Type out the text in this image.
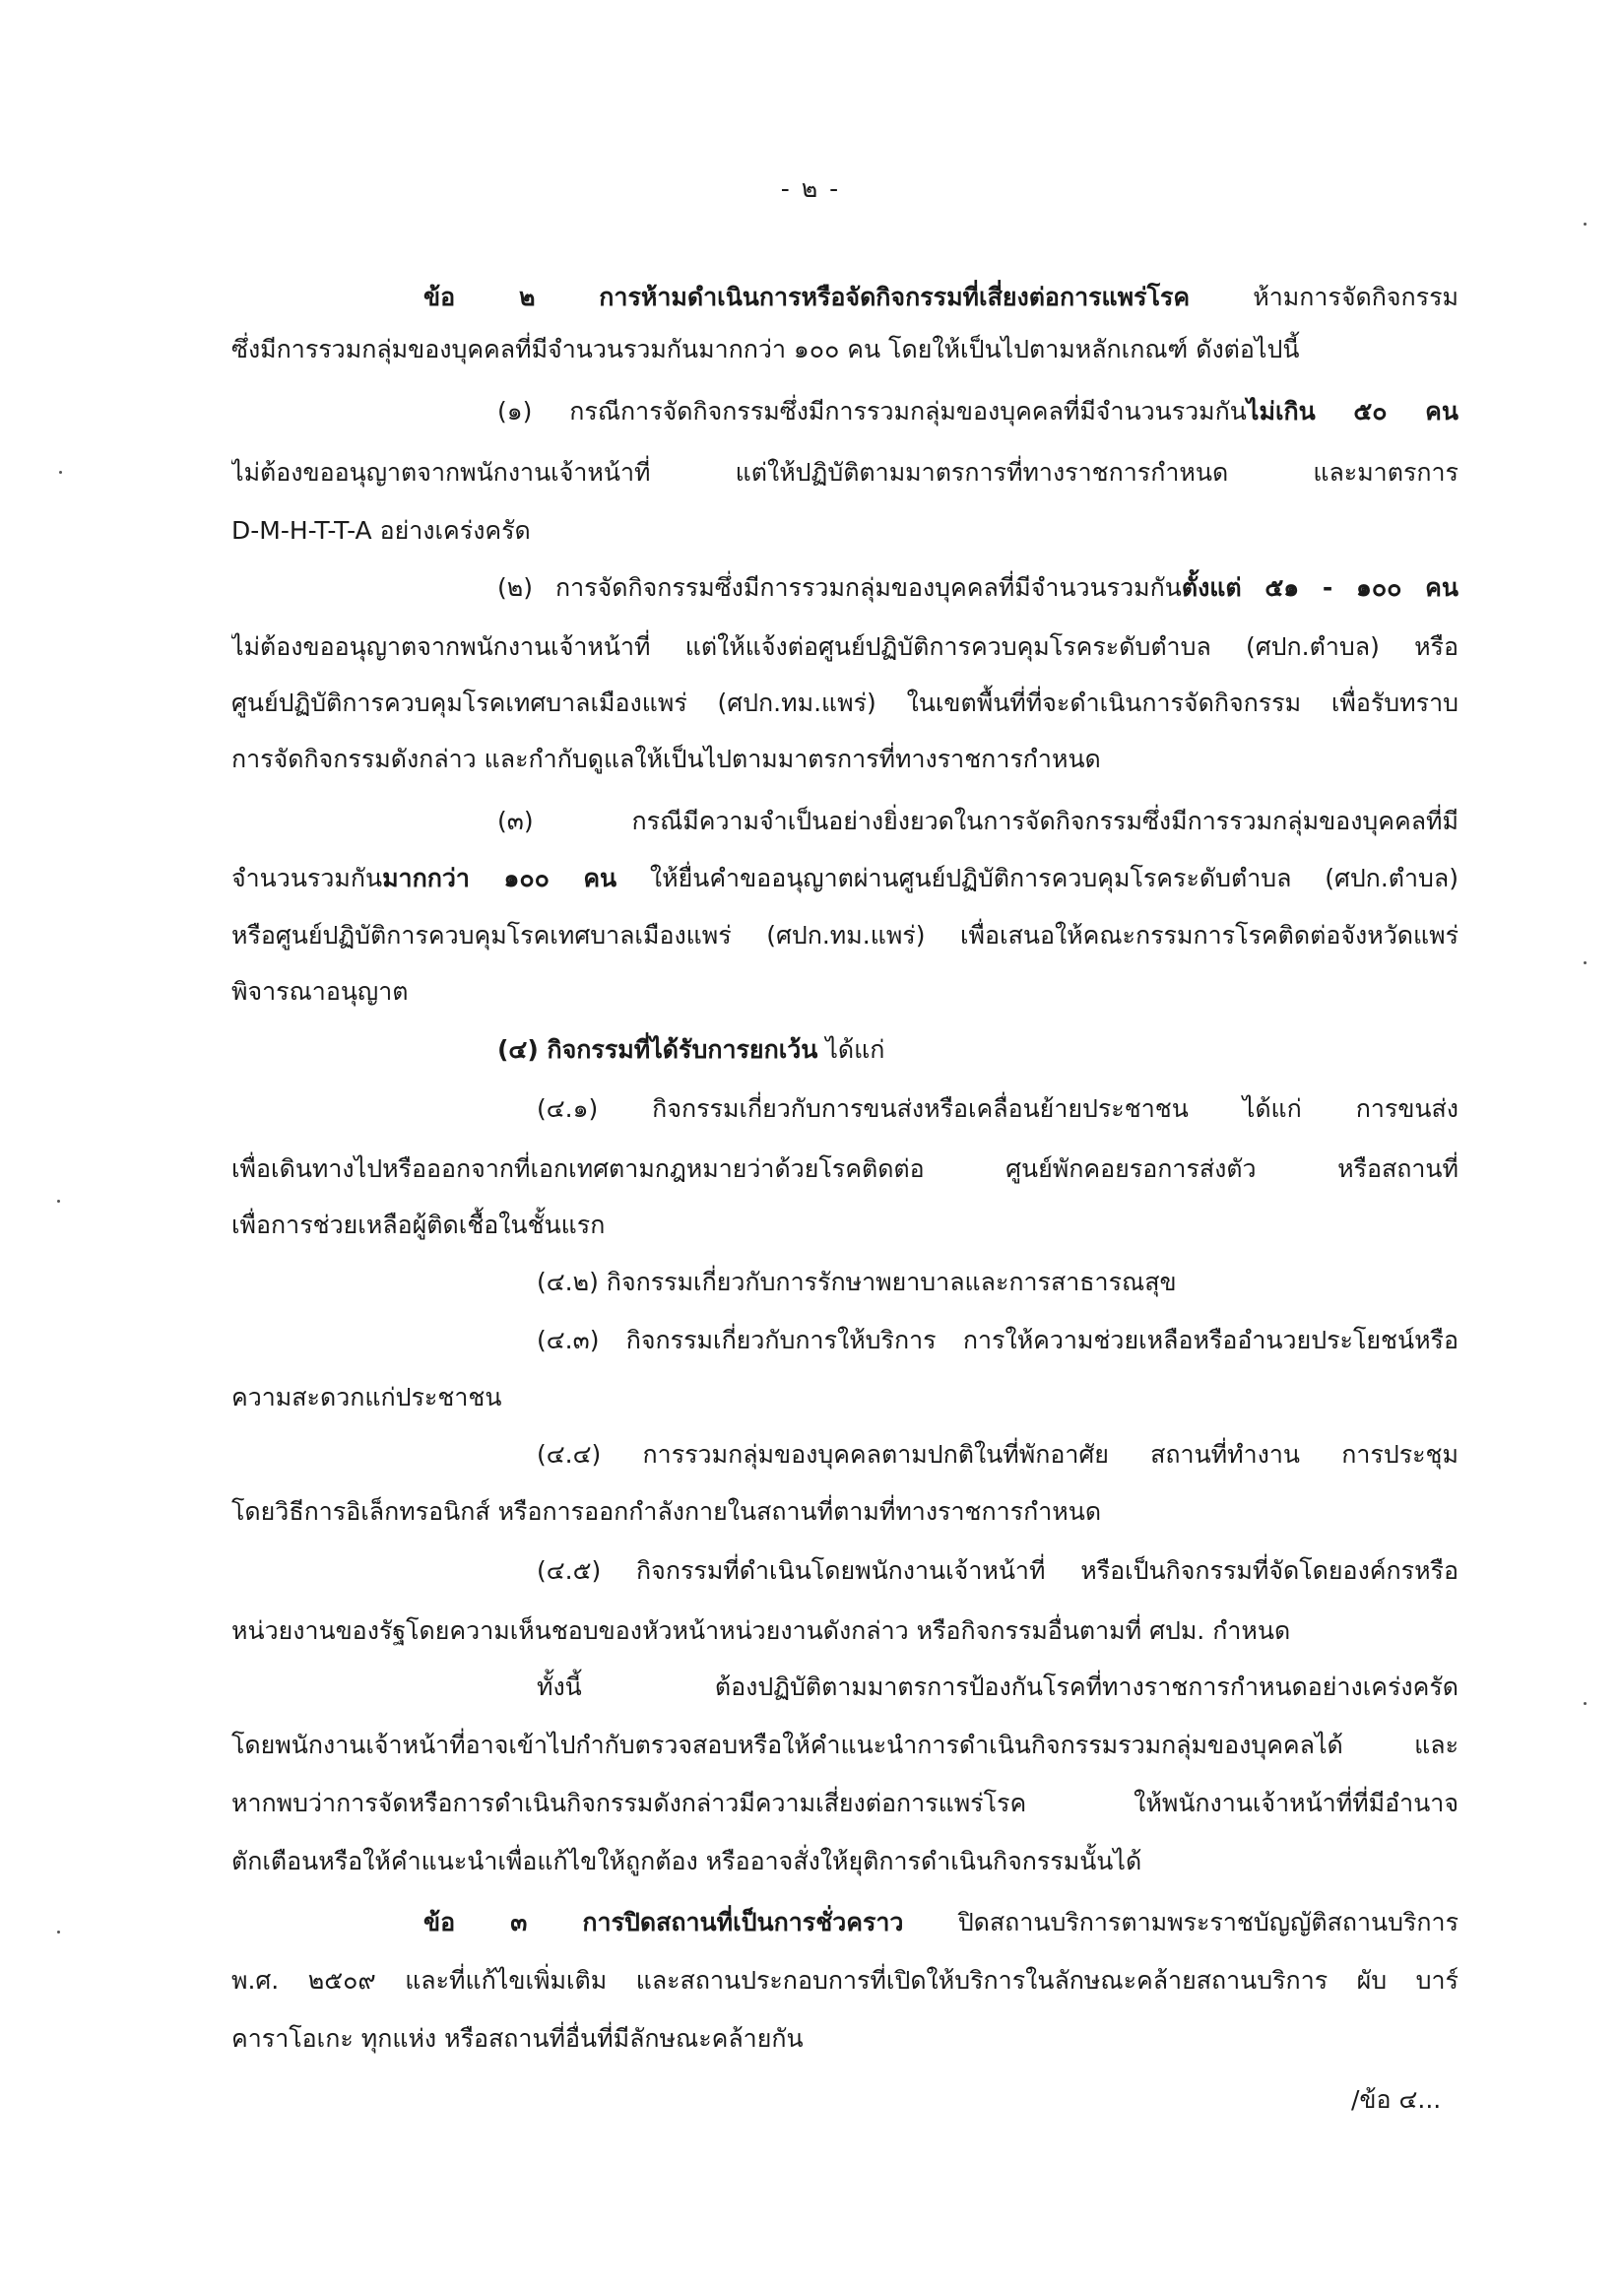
- ๒ -
ข้อ ๒ การห้ามดำเนินการหรือจัดกิจกรรมที่เสี่ยงต่อการแพร่โรค ห้ามการจัดกิจกรรม
ซึ่งมีการรวมกลุ่มของบุคคลที่มีจำนวนรวมกันมากกว่า ๑๐๐ คน โดยให้เป็นไปตามหลักเกณฑ์ ดังต่อไปนี้
(๑) กรณีการจัดกิจกรรมซึ่งมีการรวมกลุ่มของบุคคลที่มีจำนวนรวมกันไม่เกิน ๕๐ คน
ไม่ต้องขออนุญาตจากพนักงานเจ้าหน้าที่ แต่ให้ปฏิบัติตามมาตรการที่ทางราชการกำหนด และมาตรการ
D-M-H-T-T-A อย่างเคร่งครัด
(๒) การจัดกิจกรรมซึ่งมีการรวมกลุ่มของบุคคลที่มีจำนวนรวมกันตั้งแต่ ๕๑ - ๑๐๐ คน
ไม่ต้องขออนุญาตจากพนักงานเจ้าหน้าที่ แต่ให้แจ้งต่อศูนย์ปฏิบัติการควบคุมโรคระดับตำบล (ศปก.ตำบล) หรือ
ศูนย์ปฏิบัติการควบคุมโรคเทศบาลเมืองแพร่ (ศปก.ทม.แพร่) ในเขตพื้นที่ที่จะดำเนินการจัดกิจกรรม เพื่อรับทราบ
การจัดกิจกรรมดังกล่าว และกำกับดูแลให้เป็นไปตามมาตรการที่ทางราชการกำหนด
(๓) กรณีมีความจำเป็นอย่างยิ่งยวดในการจัดกิจกรรมซึ่งมีการรวมกลุ่มของบุคคลที่มี
จำนวนรวมกันมากกว่า ๑๐๐ คน ให้ยื่นคำขออนุญาตผ่านศูนย์ปฏิบัติการควบคุมโรคระดับตำบล (ศปก.ตำบล)
หรือศูนย์ปฏิบัติการควบคุมโรคเทศบาลเมืองแพร่ (ศปก.ทม.แพร่) เพื่อเสนอให้คณะกรรมการโรคติดต่อจังหวัดแพร่
พิจารณาอนุญาต
(๔) กิจกรรมที่ได้รับการยกเว้น ได้แก่
(๔.๑) กิจกรรมเกี่ยวกับการขนส่งหรือเคลื่อนย้ายประชาชน ได้แก่ การขนส่ง
เพื่อเดินทางไปหรือออกจากที่เอกเทศตามกฎหมายว่าด้วยโรคติดต่อ ศูนย์พักคอยรอการส่งตัว หรือสถานที่
เพื่อการช่วยเหลือผู้ติดเชื้อในชั้นแรก
(๔.๒) กิจกรรมเกี่ยวกับการรักษาพยาบาลและการสาธารณสุข
(๔.๓) กิจกรรมเกี่ยวกับการให้บริการ การให้ความช่วยเหลือหรืออำนวยประโยชน์หรือ
ความสะดวกแก่ประชาชน
(๔.๔) การรวมกลุ่มของบุคคลตามปกติในที่พักอาศัย สถานที่ทำงาน การประชุม
โดยวิธีการอิเล็กทรอนิกส์ หรือการออกกำลังกายในสถานที่ตามที่ทางราชการกำหนด
(๔.๕) กิจกรรมที่ดำเนินโดยพนักงานเจ้าหน้าที่ หรือเป็นกิจกรรมที่จัดโดยองค์กรหรือ
หน่วยงานของรัฐโดยความเห็นชอบของหัวหน้าหน่วยงานดังกล่าว หรือกิจกรรมอื่นตามที่ ศปม. กำหนด
ทั้งนี้ ต้องปฏิบัติตามมาตรการป้องกันโรคที่ทางราชการกำหนดอย่างเคร่งครัด
โดยพนักงานเจ้าหน้าที่อาจเข้าไปกำกับตรวจสอบหรือให้คำแนะนำการดำเนินกิจกรรมรวมกลุ่มของบุคคลได้ และ
หากพบว่าการจัดหรือการดำเนินกิจกรรมดังกล่าวมีความเสี่ยงต่อการแพร่โรค ให้พนักงานเจ้าหน้าที่ที่มีอำนาจ
ตักเตือนหรือให้คำแนะนำเพื่อแก้ไขให้ถูกต้อง หรืออาจสั่งให้ยุติการดำเนินกิจกรรมนั้นได้
ข้อ ๓ การปิดสถานที่เป็นการชั่วคราว ปิดสถานบริการตามพระราชบัญญัติสถานบริการ
พ.ศ. ๒๕๐๙ และที่แก้ไขเพิ่มเติม และสถานประกอบการที่เปิดให้บริการในลักษณะคล้ายสถานบริการ ผับ บาร์
คาราโอเกะ ทุกแห่ง หรือสถานที่อื่นที่มีลักษณะคล้ายกัน
/ข้อ ๔...
